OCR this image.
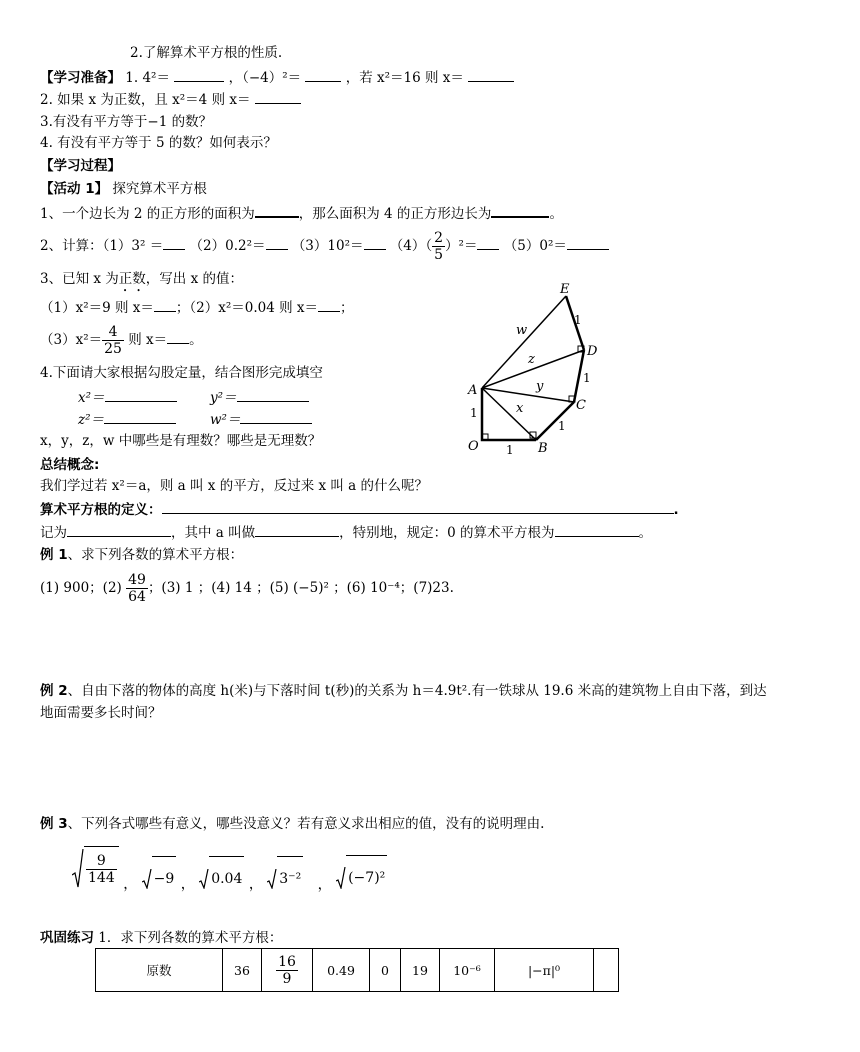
2.了解算术平方根的性质.
【学习准备】 1. 4²＝	，（−4）²＝	，若 x²＝16 则 x＝
2. 如果 x 为正数，且 x²＝4 则 x＝
3.有没有平方等于−1 的数？
4. 有没有平方等于 5 的数？如何表示？
【学习过程】
【活动 1】 探究算术平方根
1、一个边长为 2 的正方形的面积为	，那么面积为 4 的正方形边长为	。
2、计算：$(1)3^2 = (2)0.2^2= (3)10^2= (4)( \frac{2}{5} )^2= (5)0^2=$
3、已知 x 为正数，写出 x 的值：
（1）x²＝9 则 x＝ ；（2）x²＝0.04 则 x＝ ；
$(3)x^2= \frac{4}{25}$ 则 x＝ 。
4.下面请大家根据勾股定量，结合图形完成填空
x²＝	y²＝
z²＝	w²＝
x，y，z，w 中哪些是有理数？哪些是无理数？
E
D
C
A
B
O
w
z
y
x
1
1
1
1
1
总结概念:
我们学过若 x²＝a，则 a 叫 x 的平方，反过来 x 叫 a 的什么呢？
算术平方根的定义：	.
记为	，其中 a 叫做	，特别地，规定：0 的算术平方根为	。
例 1、求下列各数的算术平方根：
(1) 900；$(2) \frac{49}{64}$ ；(3) 1 ；(4) 14 ；(5) (−5)² ；(6) 10⁻⁴；(7)23.
例 2、自由下落的物体的高度 h(米)与下落时间 t(秒)的关系为 h＝4.9t².有一铁球从 19.6 米高的建筑物上自由下落，到达
地面需要多长时间？
例 3、下列各式哪些有意义，哪些没意义？若有意义求出相应的值，没有的说明理由.
$\frac{9}{144}$ ， −9 ， 0.04 ， 3⁻² ， (−7)²
巩固练习 1．求下列各数的算术平方根：
原数	36	$\frac{16}{9}$	0.49	0	19	10⁻⁶	|−π|⁰	
